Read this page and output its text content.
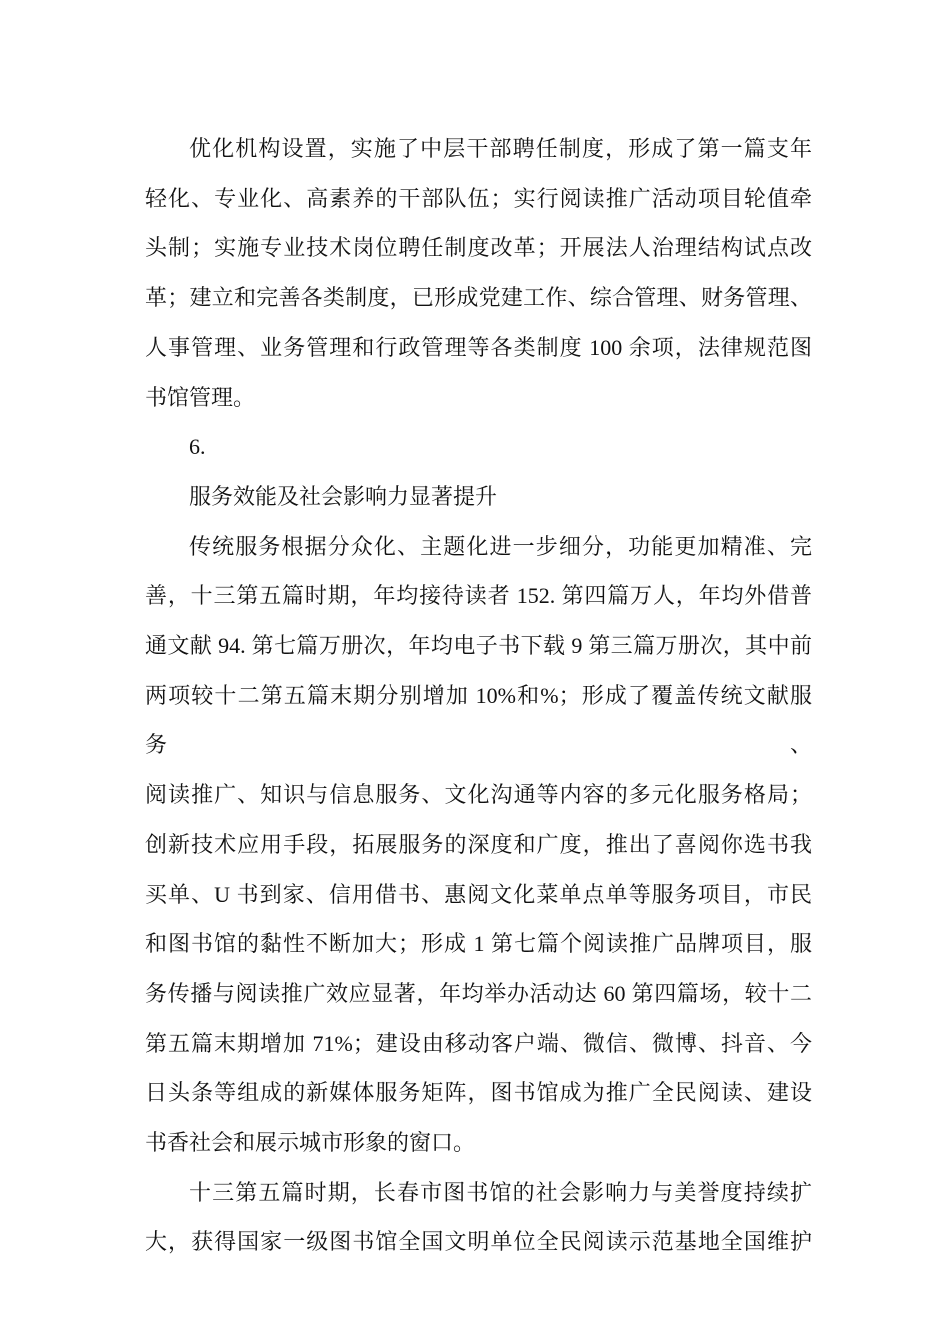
优化机构设置，实施了中层干部聘任制度，形成了第一篇支年
轻化、专业化、高素养的干部队伍；实行阅读推广活动项目轮值牵
头制；实施专业技术岗位聘任制度改革；开展法人治理结构试点改
革；建立和完善各类制度，已形成党建工作、综合管理、财务管理、
人事管理、业务管理和行政管理等各类制度 100 余项，法律规范图
书馆管理。
6.
服务效能及社会影响力显著提升
传统服务根据分众化、主题化进一步细分，功能更加精准、完
善，十三第五篇时期，年均接待读者 152. 第四篇万人，年均外借普
通文献 94. 第七篇万册次，年均电子书下载 9 第三篇万册次，其中前
两项较十二第五篇末期分别增加 10%和%；形成了覆盖传统文献服务、
阅读推广、知识与信息服务、文化沟通等内容的多元化服务格局；
创新技术应用手段，拓展服务的深度和广度，推出了喜阅你选书我
买单、U 书到家、信用借书、惠阅文化菜单点单等服务项目，市民
和图书馆的黏性不断加大；形成 1 第七篇个阅读推广品牌项目，服
务传播与阅读推广效应显著，年均举办活动达 60 第四篇场，较十二
第五篇末期增加 71%；建设由移动客户端、微信、微博、抖音、今
日头条等组成的新媒体服务矩阵，图书馆成为推广全民阅读、建设
书香社会和展示城市形象的窗口。
十三第五篇时期，长春市图书馆的社会影响力与美誉度持续扩
大，获得国家一级图书馆全国文明单位全民阅读示范基地全国维护
